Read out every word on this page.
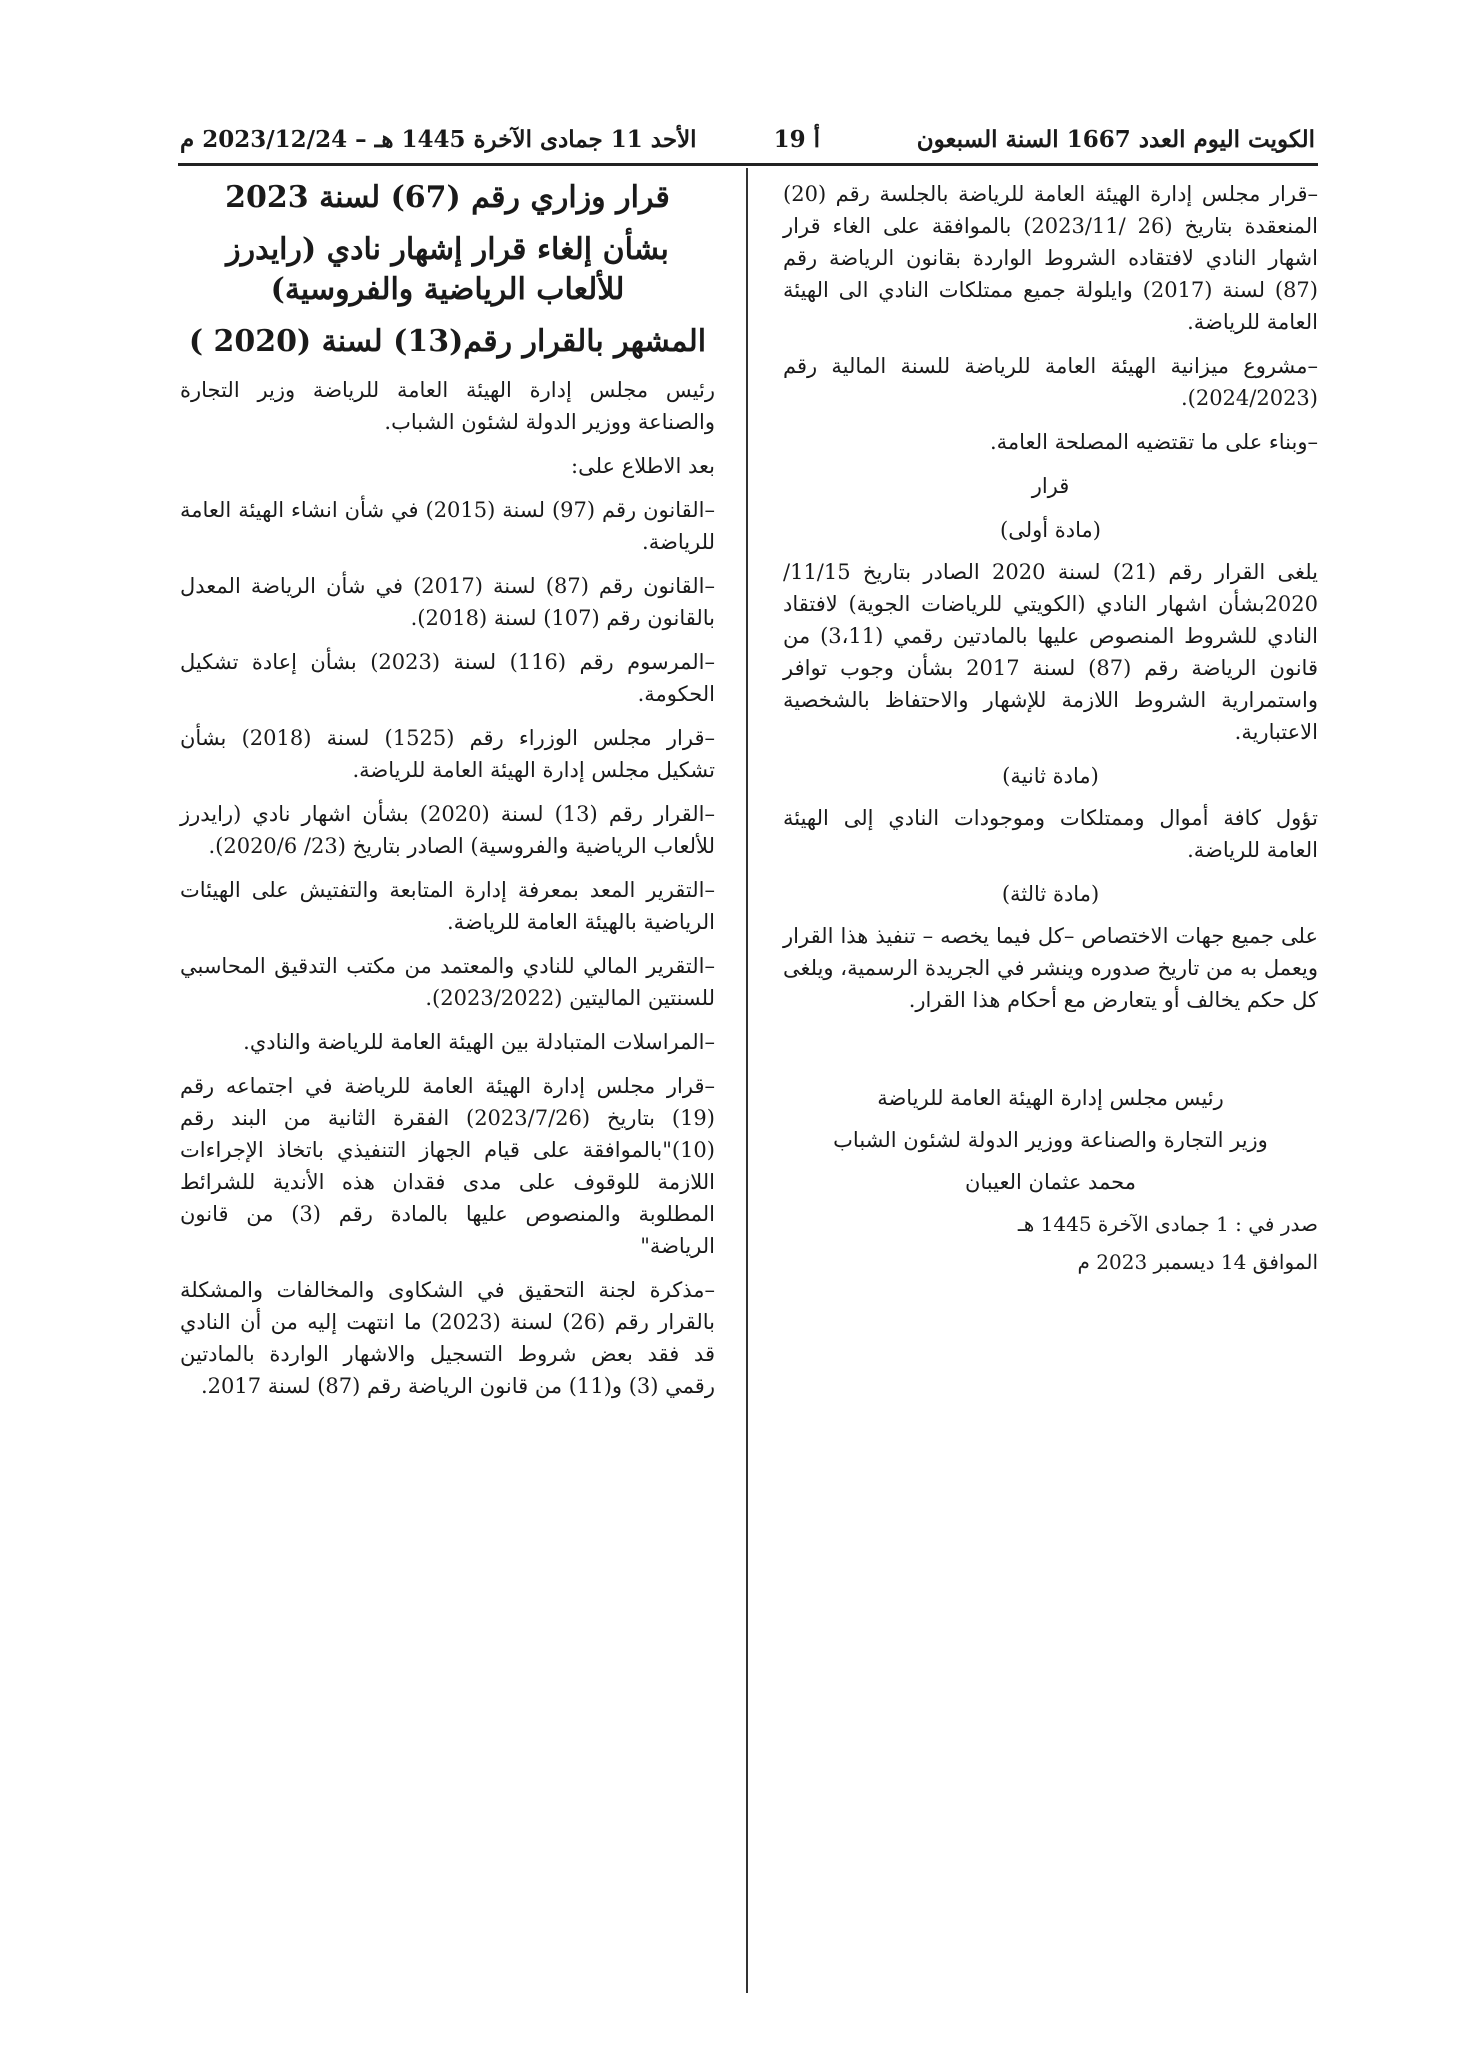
الكويت اليوم العدد 1667 السنة السبعون
أ 19
الأحد 11 جمادى الآخرة 1445 هـ – 2023/12/24 م

–قرار مجلس إدارة الهيئة العامة للرياضة بالجلسة رقم (20) المنعقدة بتاريخ (26 /2023/11) بالموافقة على الغاء قرار اشهار النادي لافتقاده الشروط الواردة بقانون الرياضة رقم (87) لسنة (2017) وايلولة جميع ممتلكات النادي الى الهيئة العامة للرياضة.

–مشروع ميزانية الهيئة العامة للرياضة للسنة المالية رقم (2024/2023).

–وبناء على ما تقتضيه المصلحة العامة.

قرار

(مادة أولى)

يلغى القرار رقم (21) لسنة 2020 الصادر بتاريخ 11/15/ 2020بشأن اشهار النادي (الكويتي للرياضات الجوية) لافتقاد النادي للشروط المنصوص عليها بالمادتين رقمي (3،11) من قانون الرياضة رقم (87) لسنة 2017 بشأن وجوب توافر واستمرارية الشروط اللازمة للإشهار والاحتفاظ بالشخصية الاعتبارية.

(مادة ثانية)

تؤول كافة أموال وممتلكات وموجودات النادي إلى الهيئة العامة للرياضة.

(مادة ثالثة)

على جميع جهات الاختصاص –كل فيما يخصه – تنفيذ هذا القرار ويعمل به من تاريخ صدوره وينشر في الجريدة الرسمية، ويلغى كل حكم يخالف أو يتعارض مع أحكام هذا القرار.

رئيس مجلس إدارة الهيئة العامة للرياضة
وزير التجارة والصناعة ووزير الدولة لشئون الشباب
محمد عثمان العيبان
صدر في : 1 جمادى الآخرة 1445 هـ
الموافق 14 ديسمبر 2023 م

قرار وزاري رقم (67) لسنة 2023

بشأن إلغاء قرار إشهار نادي (رايدرز للألعاب الرياضية والفروسية)

المشهر بالقرار رقم(13) لسنة (2020 )

رئيس مجلس إدارة الهيئة العامة للرياضة وزير التجارة والصناعة ووزير الدولة لشئون الشباب.

بعد الاطلاع على:

–القانون رقم (97) لسنة (2015) في شأن انشاء الهيئة العامة للرياضة.

–القانون رقم (87) لسنة (2017) في شأن الرياضة المعدل بالقانون رقم (107) لسنة (2018).

–المرسوم رقم (116) لسنة (2023) بشأن إعادة تشكيل الحكومة.

–قرار مجلس الوزراء رقم (1525) لسنة (2018) بشأن تشكيل مجلس إدارة الهيئة العامة للرياضة.

–القرار رقم (13) لسنة (2020) بشأن اشهار نادي (رايدرز للألعاب الرياضية والفروسية) الصادر بتاريخ (23/ 2020/6).

–التقرير المعد بمعرفة إدارة المتابعة والتفتيش على الهيئات الرياضية بالهيئة العامة للرياضة.

–التقرير المالي للنادي والمعتمد من مكتب التدقيق المحاسبي للسنتين الماليتين (2023/2022).

–المراسلات المتبادلة بين الهيئة العامة للرياضة والنادي.

–قرار مجلس إدارة الهيئة العامة للرياضة في اجتماعه رقم (19) بتاريخ (2023/7/26) الفقرة الثانية من البند رقم (10)"بالموافقة على قيام الجهاز التنفيذي باتخاذ الإجراءات اللازمة للوقوف على مدى فقدان هذه الأندية للشرائط المطلوبة والمنصوص عليها بالمادة رقم (3) من قانون الرياضة"

–مذكرة لجنة التحقيق في الشكاوى والمخالفات والمشكلة بالقرار رقم (26) لسنة (2023) ما انتهت إليه من أن النادي قد فقد بعض شروط التسجيل والاشهار الواردة بالمادتين رقمي (3) و(11) من قانون الرياضة رقم (87) لسنة 2017.
